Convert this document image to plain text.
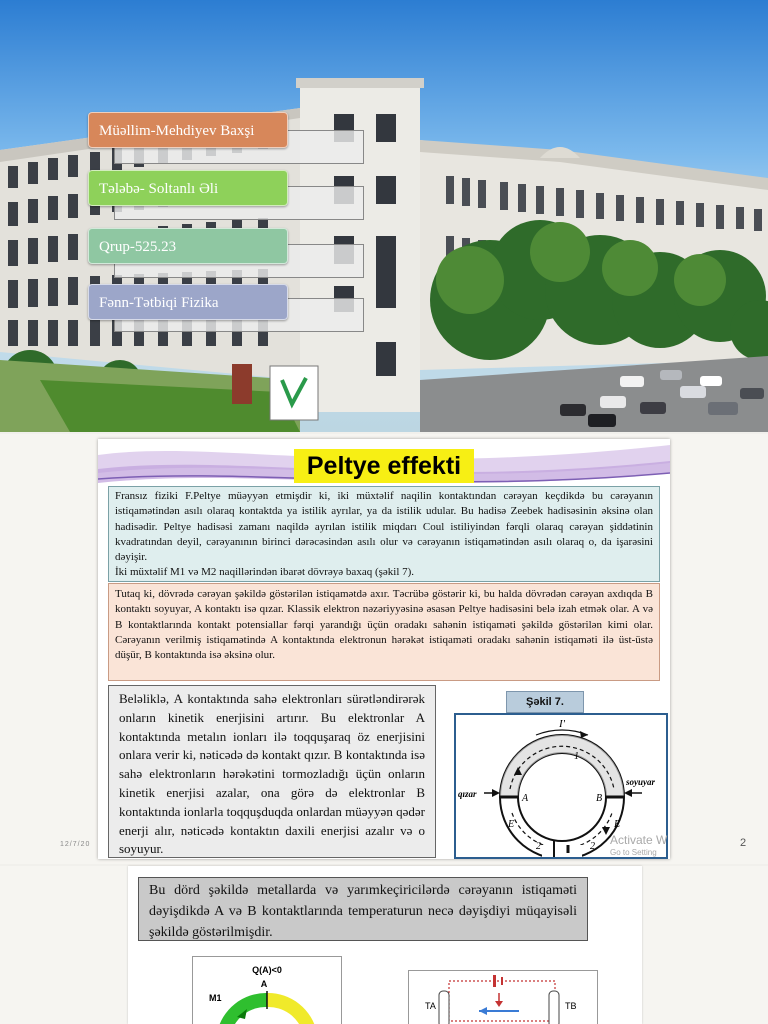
Müəllim-Mehdiyev Baxşi
Tələbə- Soltanlı Əli
Qrup-525.23
Fənn-Tətbiqi Fizika
Peltye effekti
Fransız fiziki F.Peltye müəyyən etmişdir ki, iki müxtəlif naqilin kontaktından cərəyan keçdikdə bu cərəyanın istiqamətindən asılı olaraq kontaktda ya istilik ayrılar, ya da istilik udular. Bu hadisə Zeebek hadisəsinin əksinə olan hadisədir. Peltye hadisəsi zamanı naqildə ayrılan istilik miqdarı Coul istiliyindən fərqli olaraq cərəyan şiddətinin kvadratından deyil, cərəyanının birinci dərəcəsindən asılı olur və cərəyanın istiqamətindən asılı olaraq o, da işarəsini dəyişir.
İki müxtəlif M1 və M2 naqillərindən ibarət dövrəyə baxaq (şəkil 7).
Tutaq ki, dövrədə cərəyan şəkildə göstərilən istiqamətdə axır. Təcrübə göstərir ki, bu halda dövrədən cərəyan axdıqda B kontaktı soyuyar, A kontaktı isə qızar. Klassik elektron nəzəriyyəsinə əsasən Peltye hadisəsini belə izah etmək olar. A və B kontaktlarında kontakt potensiallar fərqi yarandığı üçün oradakı sahənin istiqaməti şəkildə göstərilən kimi olar. Cərəyanın verilmiş istiqamətində A kontaktında elektronun hərəkət istiqaməti oradakı sahənin istiqaməti ilə üst-üstə düşür, B kontaktında isə əksinə olur.
Beləliklə, A kontaktında sahə elektronları sürətləndirərək onların kinetik enerjisini artırır. Bu elektronlar A kontaktında metalın ionları ilə toqquşaraq öz enerjisini onlara verir ki, nəticədə də kontakt qızır. B kontaktında isə sahə elektronların hərəkətini tormozladığı üçün onların kinetik enerjisi azalar, ona görə də elektronlar B kontaktında ionlarla toqquşduqda onlardan müəyyən qədər enerji alır, nəticədə kontaktın daxili enerjisi azalır və o soyuyur.
Şəkil 7.
I'
1
2	2
A	B
E	E
qızar
soyuyar
Activate W
Go to Setting
12/7/20	2
Bu dörd şəkildə metallarda və yarımkeçiricilərdə cərəyanın istiqaməti dəyişdikdə A və B kontaktlarında temperaturun necə dəyişdiyi müqayisəli şəkildə göstərilmişdir.
Q(A)<0
A
M1
TA	TB
